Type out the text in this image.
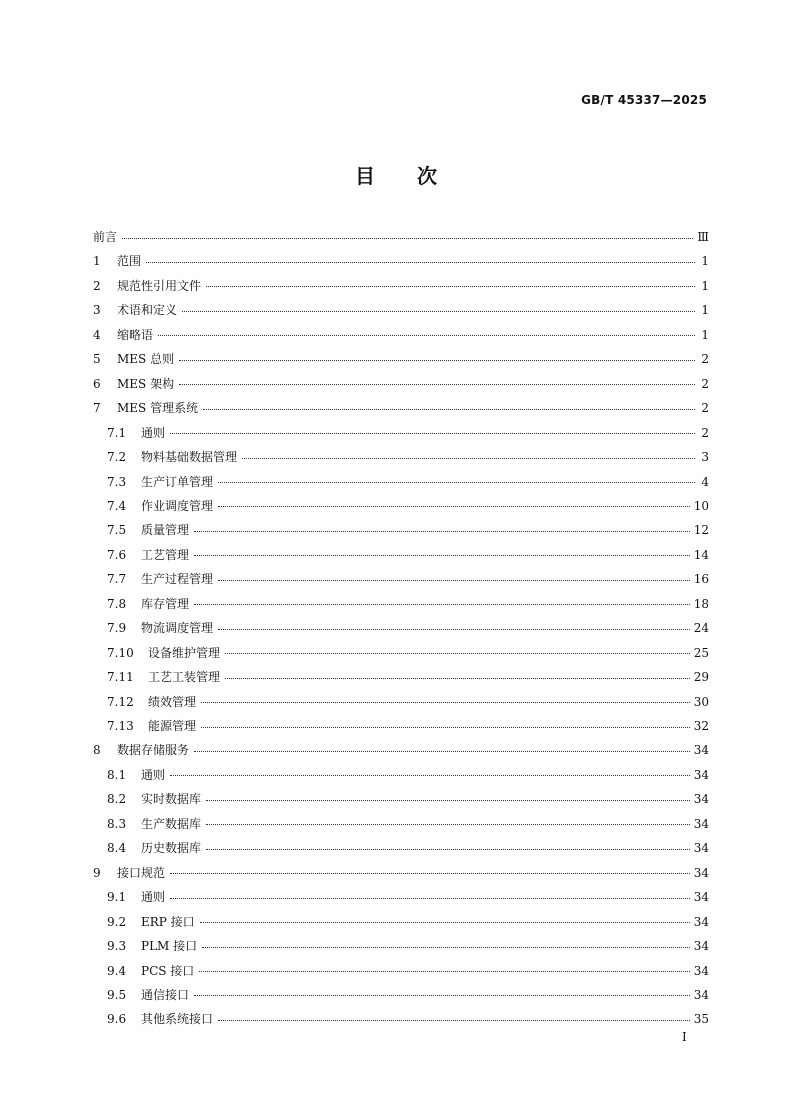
GB/T 45337—2025
目 次
前言	Ⅲ
1	范围	1
2	规范性引用文件	1
3	术语和定义	1
4	缩略语	1
5	MES 总则	2
6	MES 架构	2
7	MES 管理系统	2
7.1	通则	2
7.2	物料基础数据管理	3
7.3	生产订单管理	4
7.4	作业调度管理	10
7.5	质量管理	12
7.6	工艺管理	14
7.7	生产过程管理	16
7.8	库存管理	18
7.9	物流调度管理	24
7.10	设备维护管理	25
7.11	工艺工装管理	29
7.12	绩效管理	30
7.13	能源管理	32
8	数据存储服务	34
8.1	通则	34
8.2	实时数据库	34
8.3	生产数据库	34
8.4	历史数据库	34
9	接口规范	34
9.1	通则	34
9.2	ERP 接口	34
9.3	PLM 接口	34
9.4	PCS 接口	34
9.5	通信接口	34
9.6	其他系统接口	35
I
